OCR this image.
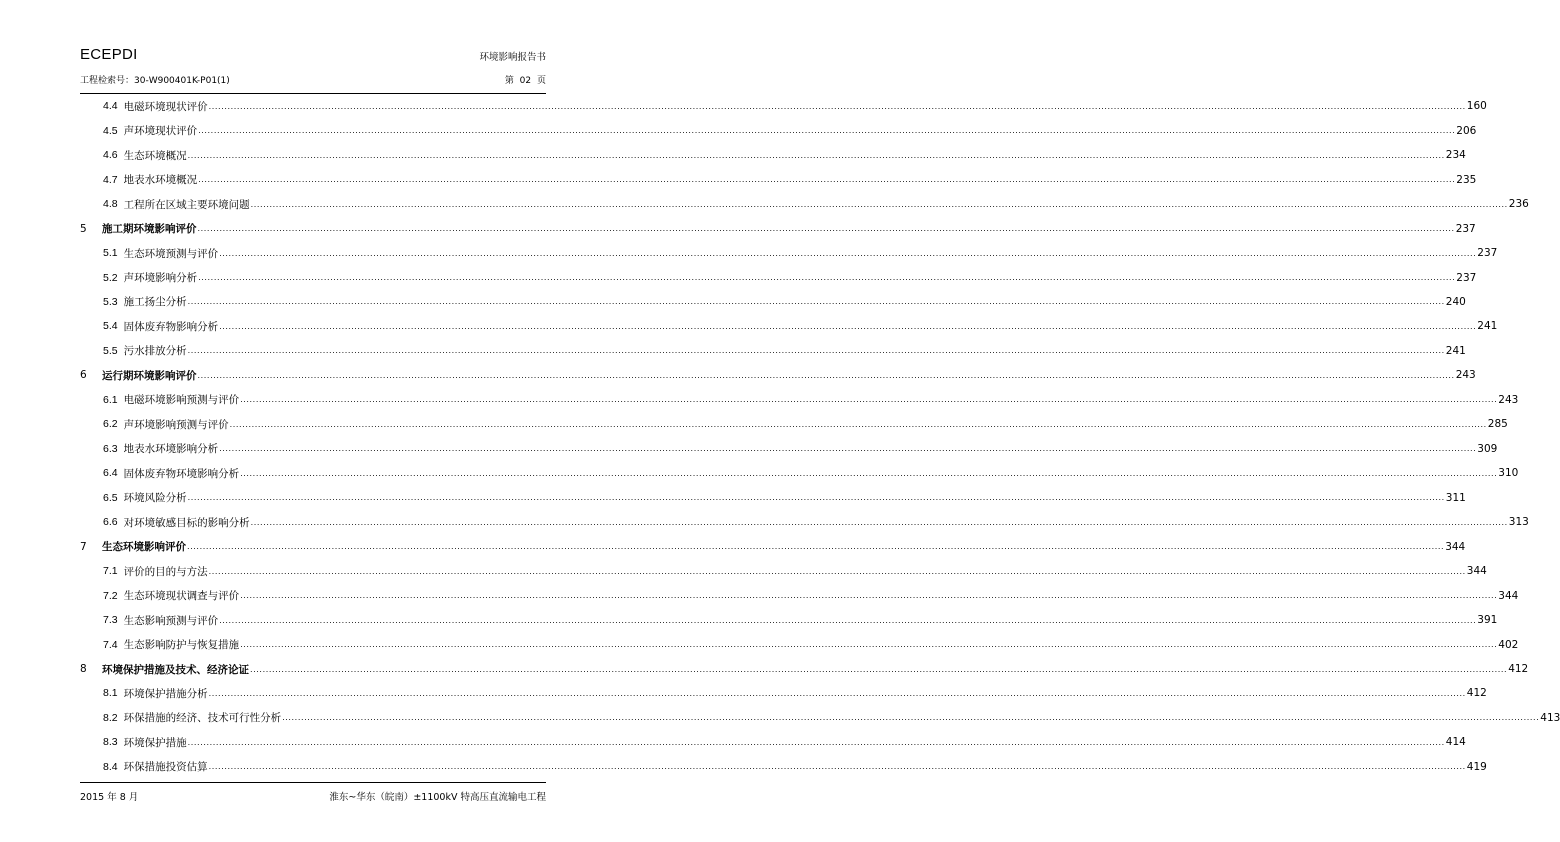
ECEPDI	环境影响报告书
工程检索号：30-W900401K-P01(1)	第 02 页
4.4 电磁环境现状评价 ................................................................................................................................................................................................................................................................................................................................................................................................................ 160
4.5 声环境现状评价 ................................................................................................................................................................................................................................................................................................................................................................................................................ 206
4.6 生态环境概况 ................................................................................................................................................................................................................................................................................................................................................................................................................ 234
4.7 地表水环境概况 ................................................................................................................................................................................................................................................................................................................................................................................................................ 235
4.8 工程所在区域主要环境问题 ................................................................................................................................................................................................................................................................................................................................................................................................................ 236
5	施工期环境影响评价 ................................................................................................................................................................................................................................................................................................................................................................................................................ 237
5.1 生态环境预测与评价 ................................................................................................................................................................................................................................................................................................................................................................................................................ 237
5.2 声环境影响分析 ................................................................................................................................................................................................................................................................................................................................................................................................................ 237
5.3 施工扬尘分析 ................................................................................................................................................................................................................................................................................................................................................................................................................ 240
5.4 固体废弃物影响分析 ................................................................................................................................................................................................................................................................................................................................................................................................................ 241
5.5 污水排放分析 ................................................................................................................................................................................................................................................................................................................................................................................................................ 241
6	运行期环境影响评价 ................................................................................................................................................................................................................................................................................................................................................................................................................ 243
6.1 电磁环境影响预测与评价 ................................................................................................................................................................................................................................................................................................................................................................................................................ 243
6.2 声环境影响预测与评价 ................................................................................................................................................................................................................................................................................................................................................................................................................ 285
6.3 地表水环境影响分析 ................................................................................................................................................................................................................................................................................................................................................................................................................ 309
6.4 固体废弃物环境影响分析 ................................................................................................................................................................................................................................................................................................................................................................................................................ 310
6.5 环境风险分析 ................................................................................................................................................................................................................................................................................................................................................................................................................ 311
6.6 对环境敏感目标的影响分析 ................................................................................................................................................................................................................................................................................................................................................................................................................ 313
7	生态环境影响评价 ................................................................................................................................................................................................................................................................................................................................................................................................................ 344
7.1 评价的目的与方法 ................................................................................................................................................................................................................................................................................................................................................................................................................ 344
7.2 生态环境现状调查与评价 ................................................................................................................................................................................................................................................................................................................................................................................................................ 344
7.3 生态影响预测与评价 ................................................................................................................................................................................................................................................................................................................................................................................................................ 391
7.4 生态影响防护与恢复措施 ................................................................................................................................................................................................................................................................................................................................................................................................................ 402
8	环境保护措施及技术、经济论证 ................................................................................................................................................................................................................................................................................................................................................................................................................ 412
8.1 环境保护措施分析 ................................................................................................................................................................................................................................................................................................................................................................................................................ 412
8.2 环保措施的经济、技术可行性分析 ................................................................................................................................................................................................................................................................................................................................................................................................................ 413
8.3 环境保护措施 ................................................................................................................................................................................................................................................................................................................................................................................................................ 414
8.4 环保措施投资估算 ................................................................................................................................................................................................................................................................................................................................................................................................................ 419
2015 年 8 月	淮东~华东（皖南）±1100kV 特高压直流输电工程
